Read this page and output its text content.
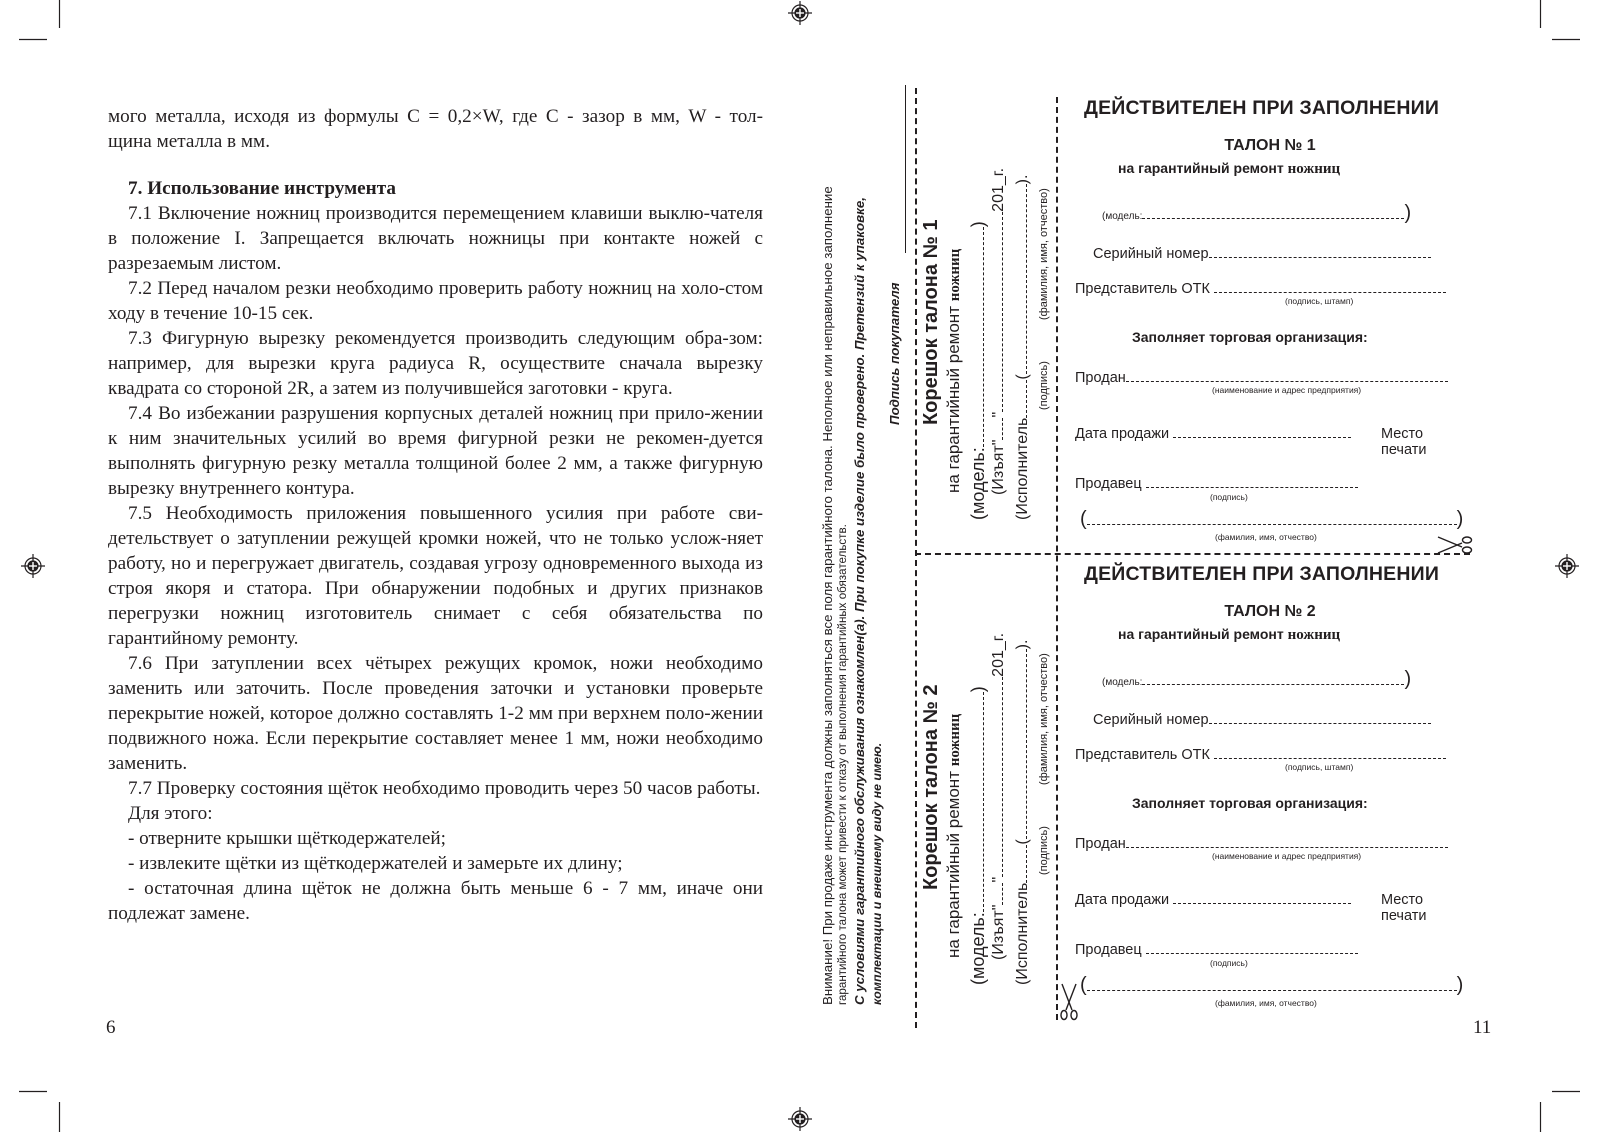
мого металла, исходя из формулы C = 0,2×W, где C - зазор в мм, W - тол-

щина металла в мм.

7. Использование инструмента

7.1 Включение ножниц производится перемещением клавиши выклю-чателя в положение I. Запрещается включать ножницы при контакте ножей с разрезаемым листом.

7.2 Перед началом резки необходимо проверить работу ножниц на холо-стом ходу в течение 10-15 сек.

7.3 Фигурную вырезку рекомендуется производить следующим обра-зом: например, для вырезки круга радиуса R, осуществите сначала вырезку квадрата со стороной 2R, а затем из получившейся заготовки - круга.

7.4 Во избежании разрушения корпусных деталей ножниц при прило-жении к ним значительных усилий во время фигурной резки не рекомен-дуется выполнять фигурную резку металла толщиной более 2 мм, а также фигурную вырезку внутреннего контура.

7.5 Необходимость приложения повышенного усилия при работе сви-детельствует о затуплении режущей кромки ножей, что не только услож-няет работу, но и перегружает двигатель, создавая угрозу одновременного выхода из строя якоря и статора. При обнаружении подобных и других признаков перегрузки ножниц изготовитель снимает с себя обязательства по гарантийному ремонту.

7.6 При затуплении всех чётырех режущих кромок, ножи необходимо заменить или заточить. После проведения заточки и установки проверьте перекрытие ножей, которое должно составлять 1-2 мм при верхнем поло-жении подвижного ножа. Если перекрытие составляет менее 1 мм, ножи необходимо заменить.

7.7 Проверку состояния щёток необходимо проводить через 50 часов работы.

Для этого:

- отверните крышки щёткодержателей;

- извлеките щётки из щёткодержателей и замерьте их длину;

- остаточная длина щёток не должна быть меньше 6 - 7 мм, иначе они подлежат замене.

6
Внимание! При продаже инструмента должны заполняться все поля гарантийного талона. Неполное или неправильное заполнение гарантийного талона может привести к отказу от выполнения гарантийных обязательств. С условиями гарантийного обслуживания ознакомлен(а). При покупке изделие было проверено. Претензий к упаковке, комплектации и внешнему виду не имею.
Подпись покупателя Корешок талона № 1 на гарантийный ремонт ножниц
(модель:)
(Изъят""201_г.
(Исполнитель().
(подпись)
(фамилия, имя, отчество)
Корешок талона № 2 на гарантийный ремонт ножниц
(модель:)
(Изъят""201_г.
(Исполнитель().
(подпись)
(фамилия, имя, отчество)
ДЕЙСТВИТЕЛЕН ПРИ ЗАПОЛНЕНИИ
ТАЛОН № 1
на гарантийный ремонт ножниц
(модель:	)
Серийный номер
Представитель ОТК
(подпись, штамп)
Заполняет торговая организация:
Продан
(наименование и адрес предприятия)
Дата продажи	Место
печати
Продавец
(подпись)
(	)
(фамилия, имя, отчество)
ДЕЙСТВИТЕЛЕН ПРИ ЗАПОЛНЕНИИ
ТАЛОН № 2
на гарантийный ремонт ножниц
(модель:	)
Серийный номер
Представитель ОТК
(подпись, штамп)
Заполняет торговая организация:
Продан
(наименование и адрес предприятия)
Дата продажи	Место
печати
Продавец
(подпись)
(	)
(фамилия, имя, отчество)
11
